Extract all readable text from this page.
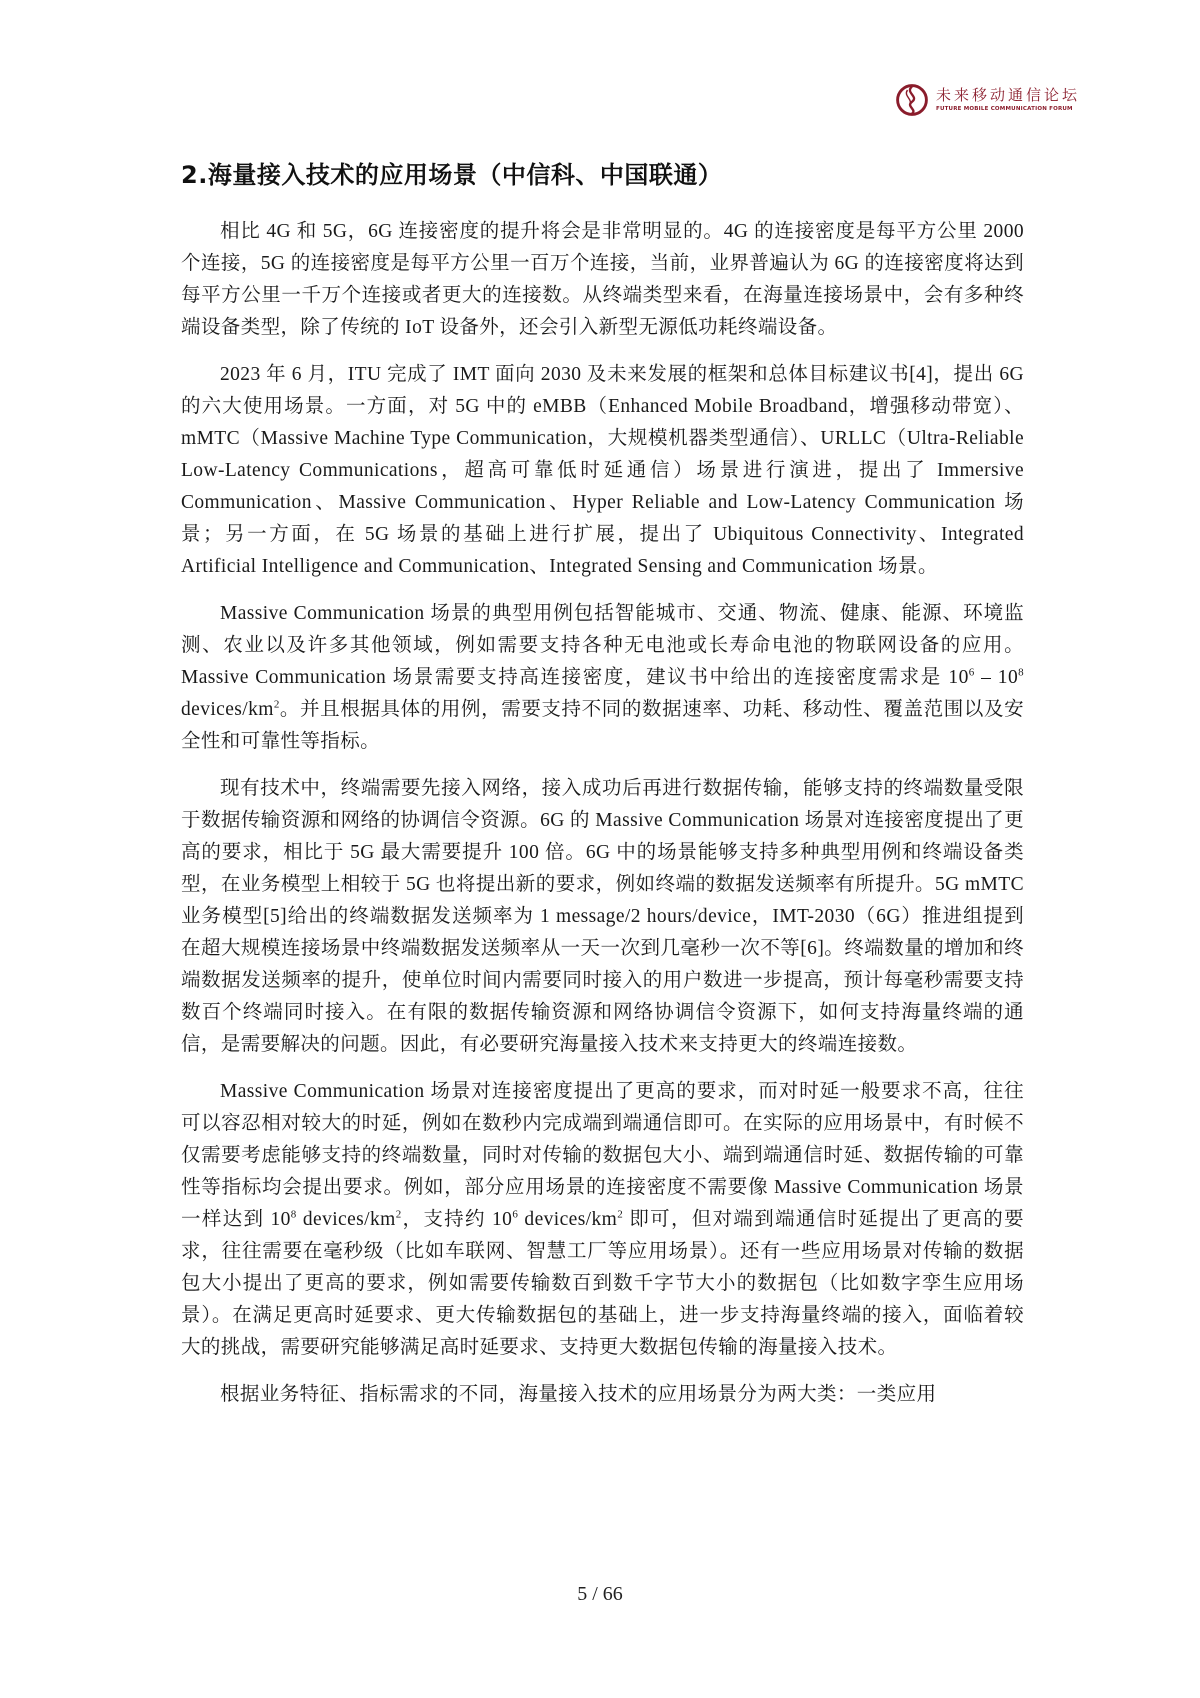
未来移动通信论坛
FUTURE MOBILE COMMUNICATION FORUM
2.海量接入技术的应用场景（中信科、中国联通）

相比 4G 和 5G，6G 连接密度的提升将会是非常明显的。4G 的连接密度是每平方公里 2000 个连接，5G 的连接密度是每平方公里一百万个连接，当前，业界普遍认为 6G 的连接密度将达到每平方公里一千万个连接或者更大的连接数。从终端类型来看，在海量连接场景中，会有多种终端设备类型，除了传统的 IoT 设备外，还会引入新型无源低功耗终端设备。

2023 年 6 月，ITU 完成了 IMT 面向 2030 及未来发展的框架和总体目标建议书[4]，提出 6G 的六大使用场景。一方面，对 5G 中的 eMBB（Enhanced Mobile Broadband，增强移动带宽）、mMTC（Massive Machine Type Communication，大规模机器类型通信）、URLLC（Ultra-Reliable Low-Latency Communications，超高可靠低时延通信）场景进行演进，提出了 Immersive Communication、Massive Communication、Hyper Reliable and Low-Latency Communication 场景；另一方面，在 5G 场景的基础上进行扩展，提出了 Ubiquitous Connectivity、Integrated Artificial Intelligence and Communication、Integrated Sensing and Communication 场景。

Massive Communication 场景的典型用例包括智能城市、交通、物流、健康、能源、环境监测、农业以及许多其他领域，例如需要支持各种无电池或长寿命电池的物联网设备的应用。Massive Communication 场景需要支持高连接密度，建议书中给出的连接密度需求是 $10^6 - 10^8$ devices/$km^2$。并且根据具体的用例，需要支持不同的数据速率、功耗、移动性、覆盖范围以及安全性和可靠性等指标。

现有技术中，终端需要先接入网络，接入成功后再进行数据传输，能够支持的终端数量受限于数据传输资源和网络的协调信令资源。6G 的 Massive Communication 场景对连接密度提出了更高的要求，相比于 5G 最大需要提升 100 倍。6G 中的场景能够支持多种典型用例和终端设备类型，在业务模型上相较于 5G 也将提出新的要求，例如终端的数据发送频率有所提升。5G mMTC 业务模型[5]给出的终端数据发送频率为 1 message/2 hours/device，IMT-2030（6G）推进组提到在超大规模连接场景中终端数据发送频率从一天一次到几毫秒一次不等[6]。终端数量的增加和终端数据发送频率的提升，使单位时间内需要同时接入的用户数进一步提高，预计每毫秒需要支持数百个终端同时接入。在有限的数据传输资源和网络协调信令资源下，如何支持海量终端的通信，是需要解决的问题。因此，有必要研究海量接入技术来支持更大的终端连接数。

Massive Communication 场景对连接密度提出了更高的要求，而对时延一般要求不高，往往可以容忍相对较大的时延，例如在数秒内完成端到端通信即可。在实际的应用场景中，有时候不仅需要考虑能够支持的终端数量，同时对传输的数据包大小、端到端通信时延、数据传输的可靠性等指标均会提出要求。例如，部分应用场景的连接密度不需要像 Massive Communication 场景一样达到 $10^8$ devices/$km^2$，支持约 $10^6$ devices/$km^2$ 即可，但对端到端通信时延提出了更高的要求，往往需要在毫秒级（比如车联网、智慧工厂等应用场景）。还有一些应用场景对传输的数据包大小提出了更高的要求，例如需要传输数百到数千字节大小的数据包（比如数字孪生应用场景）。在满足更高时延要求、更大传输数据包的基础上，进一步支持海量终端的接入，面临着较大的挑战，需要研究能够满足高时延要求、支持更大数据包传输的海量接入技术。

根据业务特征、指标需求的不同，海量接入技术的应用场景分为两大类：一类应用

5 / 66
